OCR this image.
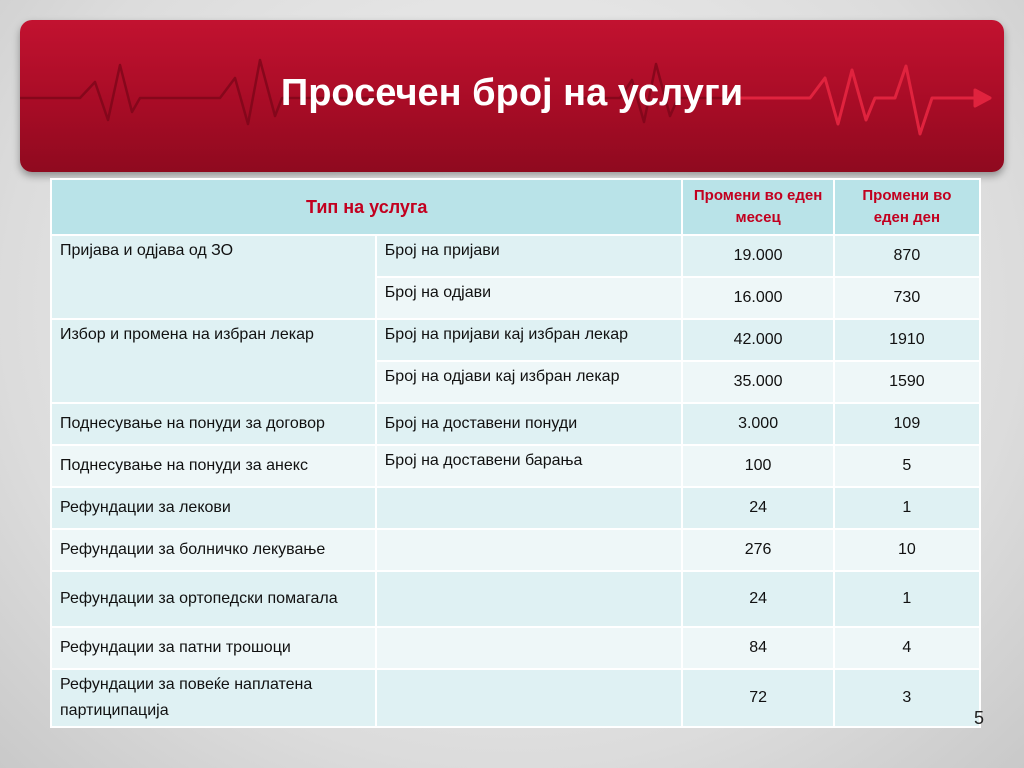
Просечен број на услуги
Тип на услуга		Промени во еден месец	Промени во еден ден
Пријава и одјава од ЗО	Број на пријави	19.000	870
	Број на одјави	16.000	730
Избор и промена на избран лекар	Број на пријави кај избран лекар	42.000	1910
	Број на одјави кај избран лекар	35.000	1590
Поднесување на понуди за договор	Број на доставени понуди	3.000	109
Поднесување на понуди за анекс	Број на доставени барања	100	5
Рефундации за лекови		24	1
Рефундации за болничко лекување		276	10
Рефундации за ортопедски помагала		24	1
Рефундации за патни трошоци		84	4
Рефундации за повеќе наплатена партиципација		72	3
5
